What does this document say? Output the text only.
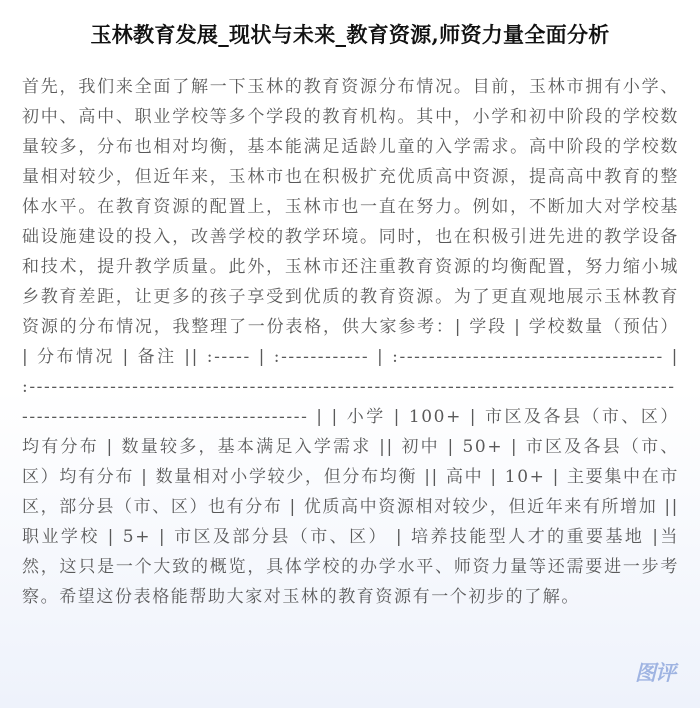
玉林教育发展_现状与未来_教育资源,师资力量全面分析

首先，我们来全面了解一下玉林的教育资源分布情况。目前，玉林市拥有小学、初中、高中、职业学校等多个学段的教育机构。其中，小学和初中阶段的学校数量较多，分布也相对均衡，基本能满足适龄儿童的入学需求。高中阶段的学校数量相对较少，但近年来，玉林市也在积极扩充优质高中资源，提高高中教育的整体水平。在教育资源的配置上，玉林市也一直在努力。例如，不断加大对学校基础设施建设的投入，改善学校的教学环境。同时，也在积极引进先进的教学设备和技术，提升教学质量。此外，玉林市还注重教育资源的均衡配置，努力缩小城乡教育差距，让更多的孩子享受到优质的教育资源。为了更直观地展示玉林教育资源的分布情况，我整理了一份表格，供大家参考：| 学段 | 学校数量（预估） | 分布情况 | 备注 || :----- | :------------ | :------------------------------------ | :------------------------------------------------------------------------------------------------------------------------------- | | 小学 | 100+ | 市区及各县（市、区）均有分布 | 数量较多，基本满足入学需求 || 初中 | 50+ | 市区及各县（市、区）均有分布 | 数量相对小学较少，但分布均衡 || 高中 | 10+ | 主要集中在市区，部分县（市、区）也有分布 | 优质高中资源相对较少，但近年来有所增加 || 职业学校 | 5+ | 市区及部分县（市、区） | 培养技能型人才的重要基地 |当然，这只是一个大致的概览，具体学校的办学水平、师资力量等还需要进一步考察。希望这份表格能帮助大家对玉林的教育资源有一个初步的了解。

图评
